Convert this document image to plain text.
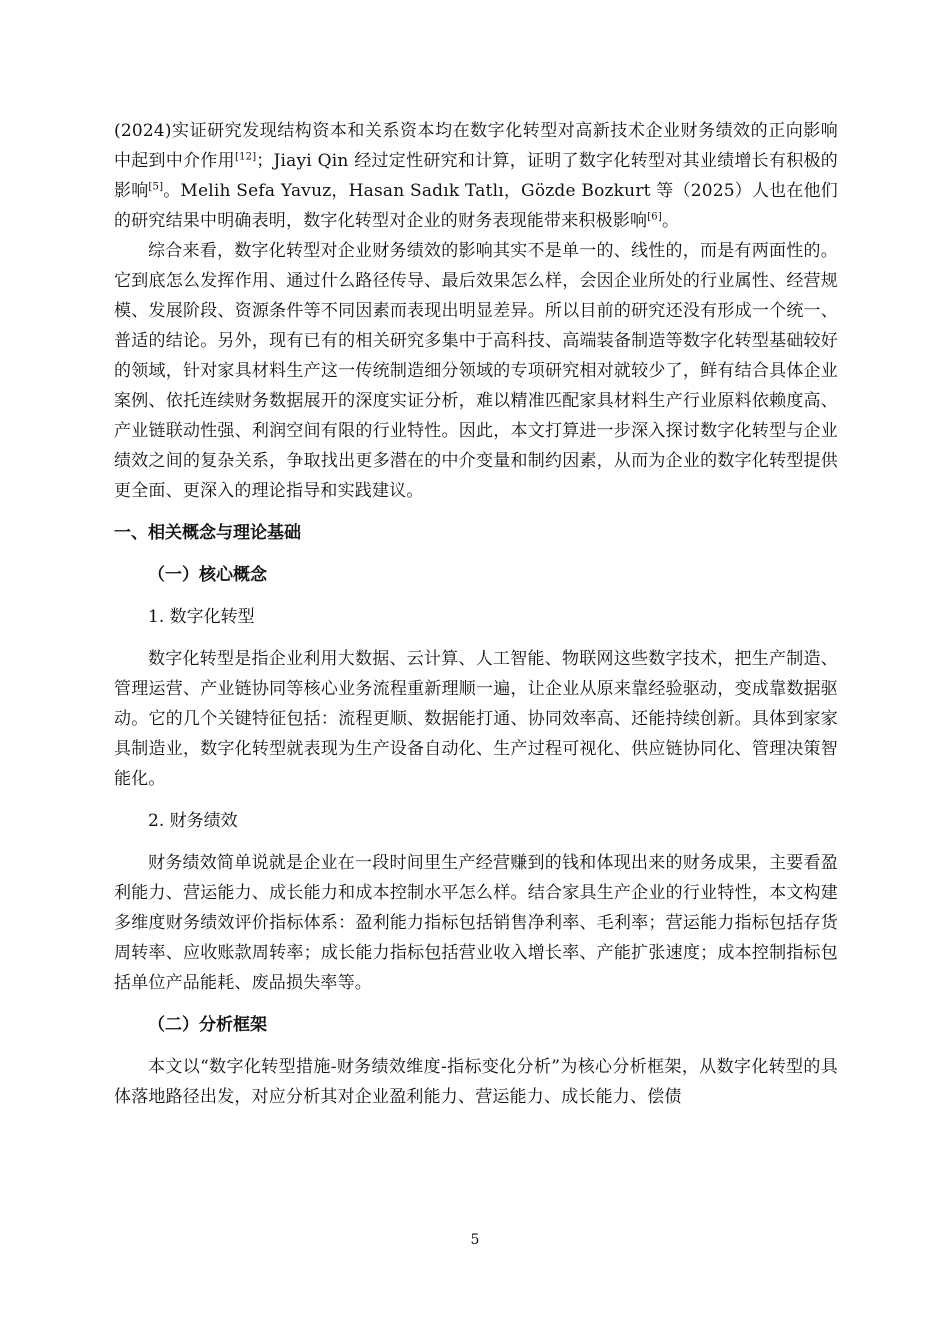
(2024)实证研究发现结构资本和关系资本均在数字化转型对高新技术企业财务绩效的正向影响中起到中介作用[12]；Jiayi Qin 经过定性研究和计算，证明了数字化转型对其业绩增长有积极的影响[5]。Melih Sefa Yavuz，Hasan Sadık Tatlı，Gözde Bozkurt 等（2025）人也在他们的研究结果中明确表明，数字化转型对企业的财务表现能带来积极影响[6]。

综合来看，数字化转型对企业财务绩效的影响其实不是单一的、线性的，而是有两面性的。它到底怎么发挥作用、通过什么路径传导、最后效果怎么样，会因企业所处的行业属性、经营规模、发展阶段、资源条件等不同因素而表现出明显差异。所以目前的研究还没有形成一个统一、普适的结论。另外，现有已有的相关研究多集中于高科技、高端装备制造等数字化转型基础较好的领域，针对家具材料生产这一传统制造细分领域的专项研究相对就较少了，鲜有结合具体企业案例、依托连续财务数据展开的深度实证分析，难以精准匹配家具材料生产行业原料依赖度高、产业链联动性强、利润空间有限的行业特性。因此，本文打算进一步深入探讨数字化转型与企业绩效之间的复杂关系，争取找出更多潜在的中介变量和制约因素，从而为企业的数字化转型提供更全面、更深入的理论指导和实践建议。

一、相关概念与理论基础

（一）核心概念

1. 数字化转型

数字化转型是指企业利用大数据、云计算、人工智能、物联网这些数字技术，把生产制造、管理运营、产业链协同等核心业务流程重新理顺一遍，让企业从原来靠经验驱动，变成靠数据驱动。它的几个关键特征包括：流程更顺、数据能打通、协同效率高、还能持续创新。具体到家家具制造业，数字化转型就表现为生产设备自动化、生产过程可视化、供应链协同化、管理决策智能化。

2. 财务绩效

财务绩效简单说就是企业在一段时间里生产经营赚到的钱和体现出来的财务成果，主要看盈利能力、营运能力、成长能力和成本控制水平怎么样。结合家具生产企业的行业特性，本文构建多维度财务绩效评价指标体系：盈利能力指标包括销售净利率、毛利率；营运能力指标包括存货周转率、应收账款周转率；成长能力指标包括营业收入增长率、产能扩张速度；成本控制指标包括单位产品能耗、废品损失率等。

（二）分析框架

本文以“数字化转型措施-财务绩效维度-指标变化分析”为核心分析框架，从数字化转型的具体落地路径出发，对应分析其对企业盈利能力、营运能力、成长能力、偿债

5
